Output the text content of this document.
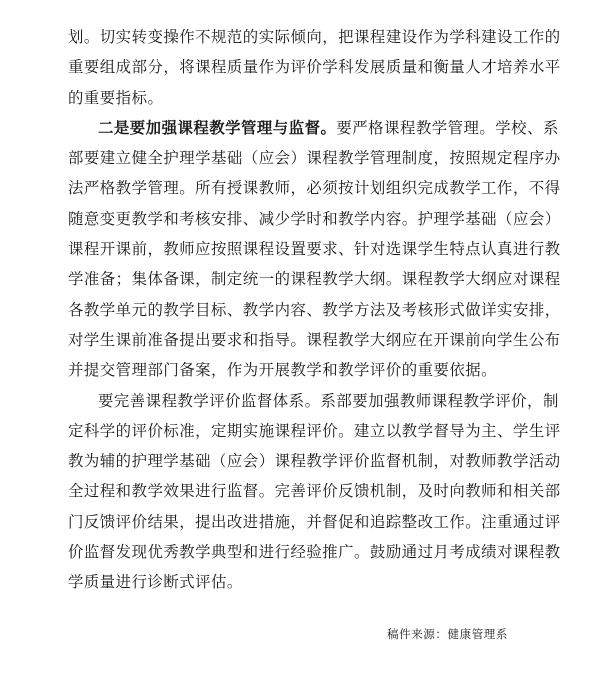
划。切实转变操作不规范的实际倾向，把课程建设作为学科建设工作的
重要组成部分，将课程质量作为评价学科发展质量和衡量人才培养水平
的重要指标。

二是要加强课程教学管理与监督。要严格课程教学管理。学校、系
部要建立健全护理学基础（应会）课程教学管理制度，按照规定程序办
法严格教学管理。所有授课教师，必须按计划组织完成教学工作，不得
随意变更教学和考核安排、减少学时和教学内容。护理学基础（应会）
课程开课前，教师应按照课程设置要求、针对选课学生特点认真进行教
学准备；集体备课，制定统一的课程教学大纲。课程教学大纲应对课程
各教学单元的教学目标、教学内容、教学方法及考核形式做详实安排，
对学生课前准备提出要求和指导。课程教学大纲应在开课前向学生公布
并提交管理部门备案，作为开展教学和教学评价的重要依据。

要完善课程教学评价监督体系。系部要加强教师课程教学评价，制
定科学的评价标准，定期实施课程评价。建立以教学督导为主、学生评
教为辅的护理学基础（应会）课程教学评价监督机制，对教师教学活动
全过程和教学效果进行监督。完善评价反馈机制，及时向教师和相关部
门反馈评价结果，提出改进措施，并督促和追踪整改工作。注重通过评
价监督发现优秀教学典型和进行经验推广。鼓励通过月考成绩对课程教
学质量进行诊断式评估。

稿件来源：健康管理系
